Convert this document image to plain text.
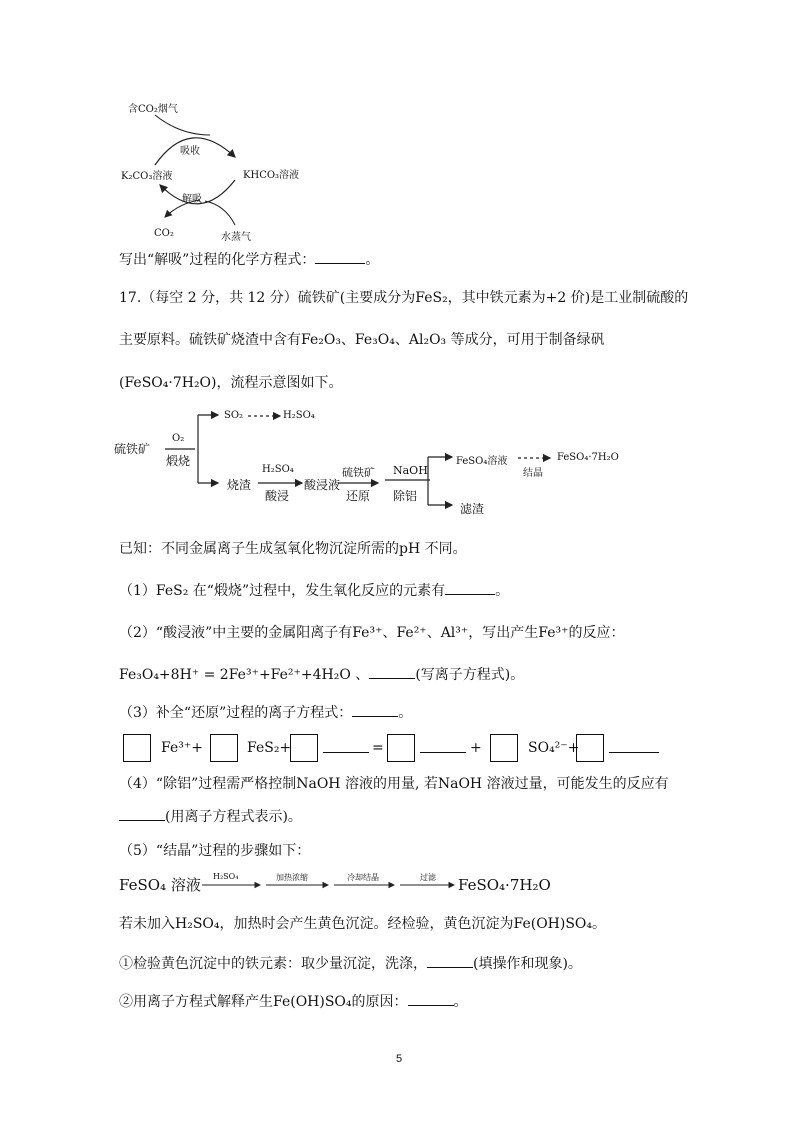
含CO₂烟气
吸收
K₂CO₃溶液	KHCO₃溶液
解吸
CO₂	水蒸气
写出“解吸”过程的化学方程式：	。
17.（每空 2 分，共 12 分）硫铁矿(主要成分为FeS₂，其中铁元素为+2 价)是工业制硫酸的
主要原料。硫铁矿烧渣中含有Fe₂O₃、Fe₃O₄、Al₂O₃ 等成分，可用于制备绿矾
(FeSO₄·7H₂O)，流程示意图如下。
硫铁矿
O₂
煅烧
SO₂	H₂SO₄
烧渣
H₂SO₄
酸浸
酸浸液
硫铁矿
还原
NaOH
除铝
FeSO₄溶液
结晶
FeSO₄·7H₂O
滤渣
已知：不同金属离子生成氢氧化物沉淀所需的pH 不同。
（1）FeS₂ 在“煅烧”过程中，发生氧化反应的元素有	。
（2）“酸浸液”中主要的金属阳离子有Fe³⁺、Fe²⁺、Al³⁺，写出产生Fe³⁺的反应：
Fe₃O₄+8H⁺ = 2Fe³⁺+Fe²⁺+4H₂O 、	(写离子方程式)。
（3）补全“还原”过程的离子方程式：	。
Fe³⁺+	FeS₂+	=	+	SO₄²⁻+
（4）“除铝”过程需严格控制NaOH 溶液的用量, 若NaOH 溶液过量，可能发生的反应有
(用离子方程式表示)。
（5）“结晶”过程的步骤如下：
FeSO₄ 溶液 H₂SO₄	加热浓缩	冷却结晶	过滤 FeSO₄·7H₂O
若未加入H₂SO₄，加热时会产生黄色沉淀。经检验，黄色沉淀为Fe(OH)SO₄。
①检验黄色沉淀中的铁元素：取少量沉淀，洗涤，	(填操作和现象)。
②用离子方程式解释产生Fe(OH)SO₄的原因：	。
5
